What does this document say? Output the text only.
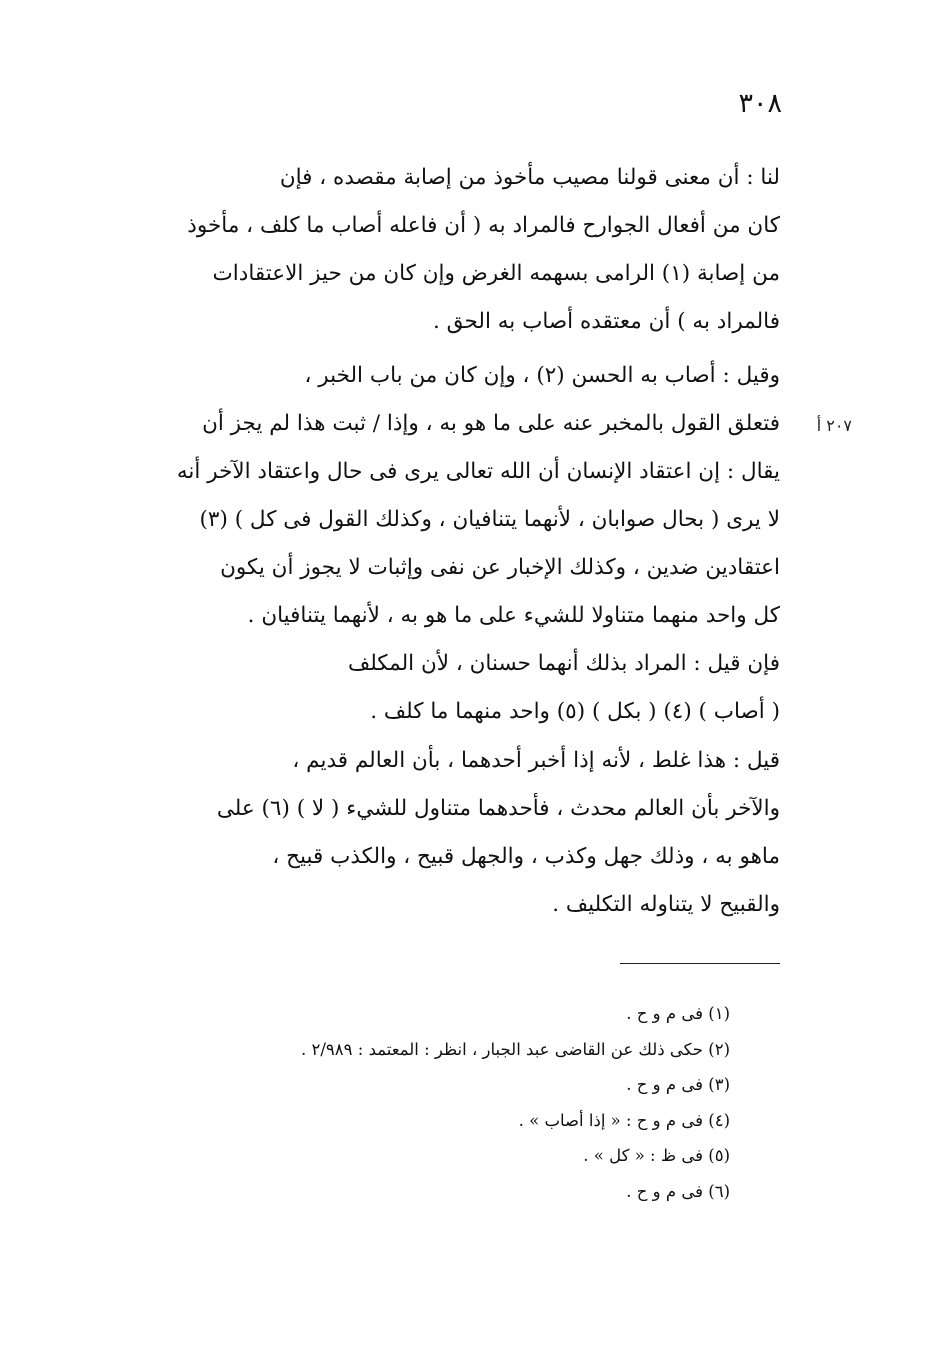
٣٠٨
٢٠٧ أ
لنا : أن معنى قولنا مصيب مأخوذ من إصابة مقصده ، فإن
كان من أفعال الجوارح فالمراد به ( أن فاعله أصاب ما كلف ، مأخوذ
من إصابة (١) الرامى بسهمه الغرض وإن كان من حيز الاعتقادات
فالمراد به ) أن معتقده أصاب به الحق .
وقيل : أصاب به الحسن (٢) ، وإن كان من باب الخبر ،
فتعلق القول بالمخبر عنه على ما هو به ، وإذا / ثبت هذا لم يجز أن
يقال : إن اعتقاد الإنسان أن الله تعالى يرى فى حال واعتقاد الآخر أنه
لا يرى ( بحال صوابان ، لأنهما يتنافيان ، وكذلك القول فى كل ) (٣)
اعتقادين ضدين ، وكذلك الإخبار عن نفى وإثبات لا يجوز أن يكون
كل واحد منهما متناولا للشيء على ما هو به ، لأنهما يتنافيان .
فإن قيل : المراد بذلك أنهما حسنان ، لأن المكلف
( أصاب ) (٤) ( بكل ) (٥) واحد منهما ما كلف .
قيل : هذا غلط ، لأنه إذا أخبر أحدهما ، بأن العالم قديم ،
والآخر بأن العالم محدث ، فأحدهما متناول للشيء ( لا ) (٦) على
ماهو به ، وذلك جهل وكذب ، والجهل قبيح ، والكذب قبيح ،
والقبيح لا يتناوله التكليف .
(١) فى م و ح .
(٢) حكى ذلك عن القاضى عبد الجبار ، انظر : المعتمد : ٢/٩٨٩ .
(٣) فى م و ح .
(٤) فى م و ح : « إذا أصاب » .
(٥) فى ظ : « كل » .
(٦) فى م و ح .
